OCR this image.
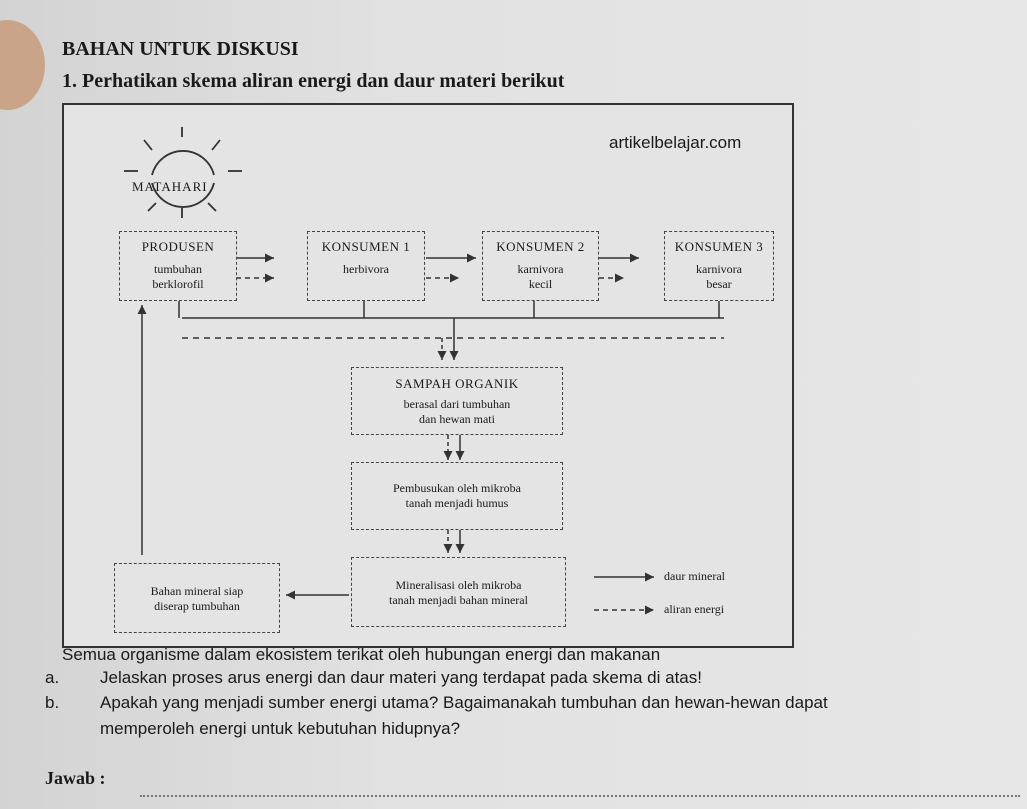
BAHAN UNTUK DISKUSI
1. Perhatikan skema aliran energi dan daur materi berikut
artikelbelajar.com
MATAHARI
PRODUSEN
tumbuhan
berklorofil
KONSUMEN 1
herbivora
KONSUMEN 2
karnivora
kecil
KONSUMEN 3
karnivora
besar
SAMPAH ORGANIK
berasal dari tumbuhan
dan hewan mati
Pembusukan oleh mikroba
tanah menjadi humus
Mineralisasi oleh mikroba
tanah menjadi bahan mineral
Bahan mineral siap
diserap tumbuhan
daur mineral
aliran energi
Semua organisme dalam ekosistem terikat oleh hubungan energi dan makanan
a. Jelaskan proses arus energi dan daur materi yang terdapat pada skema di atas!
b. Apakah yang menjadi sumber energi utama? Bagaimanakah tumbuhan dan hewan-hewan dapat
memperoleh energi untuk kebutuhan hidupnya?
Jawab :
